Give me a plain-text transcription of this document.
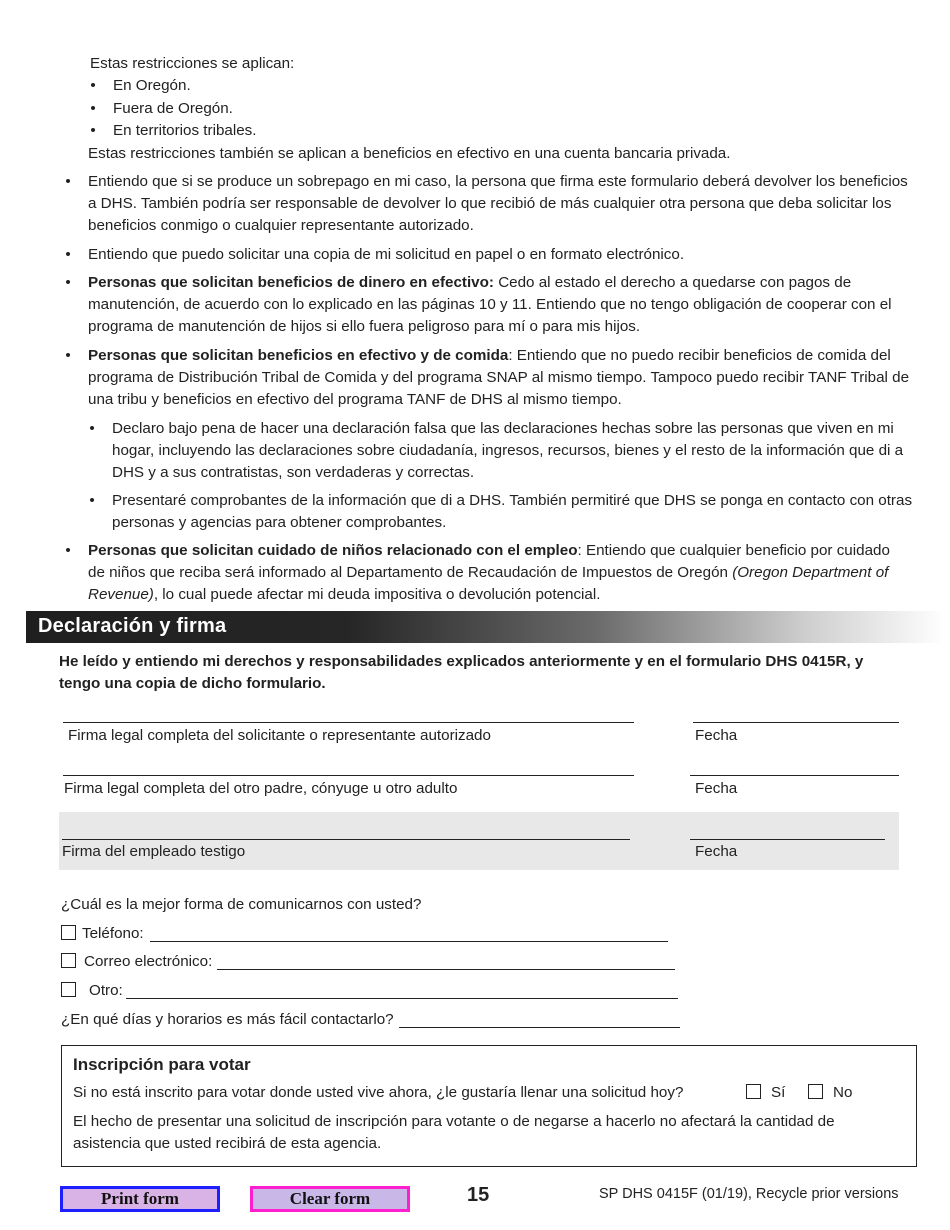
Estas restricciones se aplican:
• En Oregón.
• Fuera de Oregón.
• En territorios tribales.
Estas restricciones también se aplican a beneficios en efectivo en una cuenta bancaria privada.
• Entiendo que si se produce un sobrepago en mi caso, la persona que firma este formulario deberá devolver los beneficios
a DHS. También podría ser responsable de devolver lo que recibió de más cualquier otra persona que deba solicitar los
beneficios conmigo o cualquier representante autorizado.
• Entiendo que puedo solicitar una copia de mi solicitud en papel o en formato electrónico.
• Personas que solicitan beneficios de dinero en efectivo: Cedo al estado el derecho a quedarse con pagos de
manutención, de acuerdo con lo explicado en las páginas 10 y 11. Entiendo que no tengo obligación de cooperar con el
programa de manutención de hijos si ello fuera peligroso para mí o para mis hijos.
• Personas que solicitan beneficios en efectivo y de comida: Entiendo que no puedo recibir beneficios de comida del
programa de Distribución Tribal de Comida y del programa SNAP al mismo tiempo. Tampoco puedo recibir TANF Tribal de
una tribu y beneficios en efectivo del programa TANF de DHS al mismo tiempo.
• Declaro bajo pena de hacer una declaración falsa que las declaraciones hechas sobre las personas que viven en mi
hogar, incluyendo las declaraciones sobre ciudadanía, ingresos, recursos, bienes y el resto de la información que di a
DHS y a sus contratistas, son verdaderas y correctas.
• Presentaré comprobantes de la información que di a DHS. También permitiré que DHS se ponga en contacto con otras
personas y agencias para obtener comprobantes.
• Personas que solicitan cuidado de niños relacionado con el empleo: Entiendo que cualquier beneficio por cuidado
de niños que reciba será informado al Departamento de Recaudación de Impuestos de Oregón (Oregon Department of
Revenue), lo cual puede afectar mi deuda impositiva o devolución potencial.
Declaración y firma
He leído y entiendo mi derechos y responsabilidades explicados anteriormente y en el formulario DHS 0415R, y
tengo una copia de dicho formulario.
Firma legal completa del solicitante o representante autorizado	Fecha
Firma legal completa del otro padre, cónyuge u otro adulto	Fecha
Firma del empleado testigo	Fecha
¿Cuál es la mejor forma de comunicarnos con usted?
Teléfono:
Correo electrónico:
Otro:
¿En qué días y horarios es más fácil contactarlo?
Inscripción para votar
Si no está inscrito para votar donde usted vive ahora, ¿le gustaría llenar una solicitud hoy?	Sí	No
El hecho de presentar una solicitud de inscripción para votante o de negarse a hacerlo no afectará la cantidad de
asistencia que usted recibirá de esta agencia.
Print form	Clear form	15	SP DHS 0415F (01/19), Recycle prior versions
